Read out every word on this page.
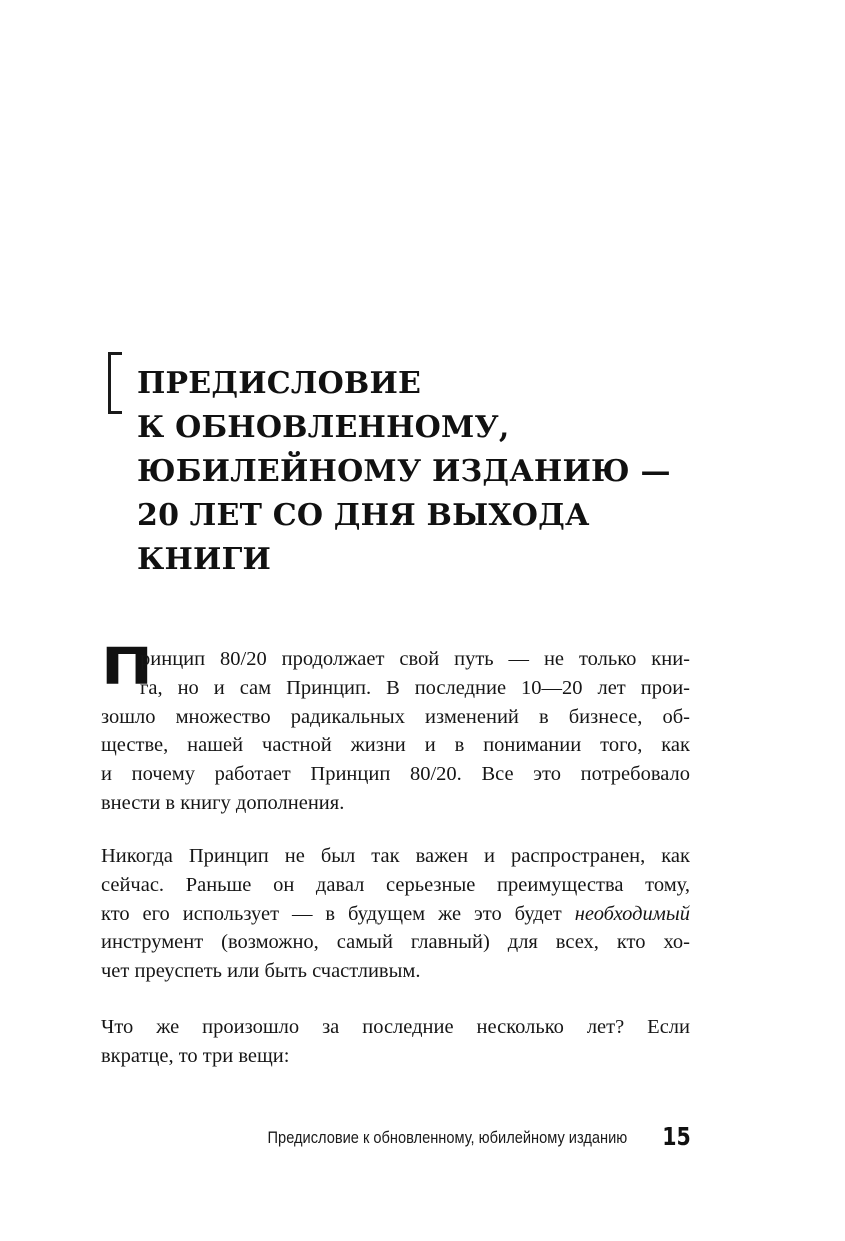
ПРЕДИСЛОВИЕ
К ОБНОВЛЕННОМУ,
ЮБИЛЕЙНОМУ ИЗДАНИЮ —
20 ЛЕТ СО ДНЯ ВЫХОДА
КНИГИ
П

ринцип 80/20 продолжает свой путь — не только кни-
га, но и сам Принцип. В последние 10—20 лет прои-
зошло множество радикальных изменений в бизнесе, об-
ществе, нашей частной жизни и в понимании того, как
и почему работает Принцип 80/20. Все это потребовало
внести в книгу дополнения.

Никогда Принцип не был так важен и распространен, как
сейчас. Раньше он давал серьезные преимущества тому,
кто его использует — в будущем же это будет необходимый
инструмент (возможно, самый главный) для всех, кто хо-
чет преуспеть или быть счастливым.

Что же произошло за последние несколько лет? Если
вкратце, то три вещи:

Предисловие к обновленному, юбилейному изданию 15
